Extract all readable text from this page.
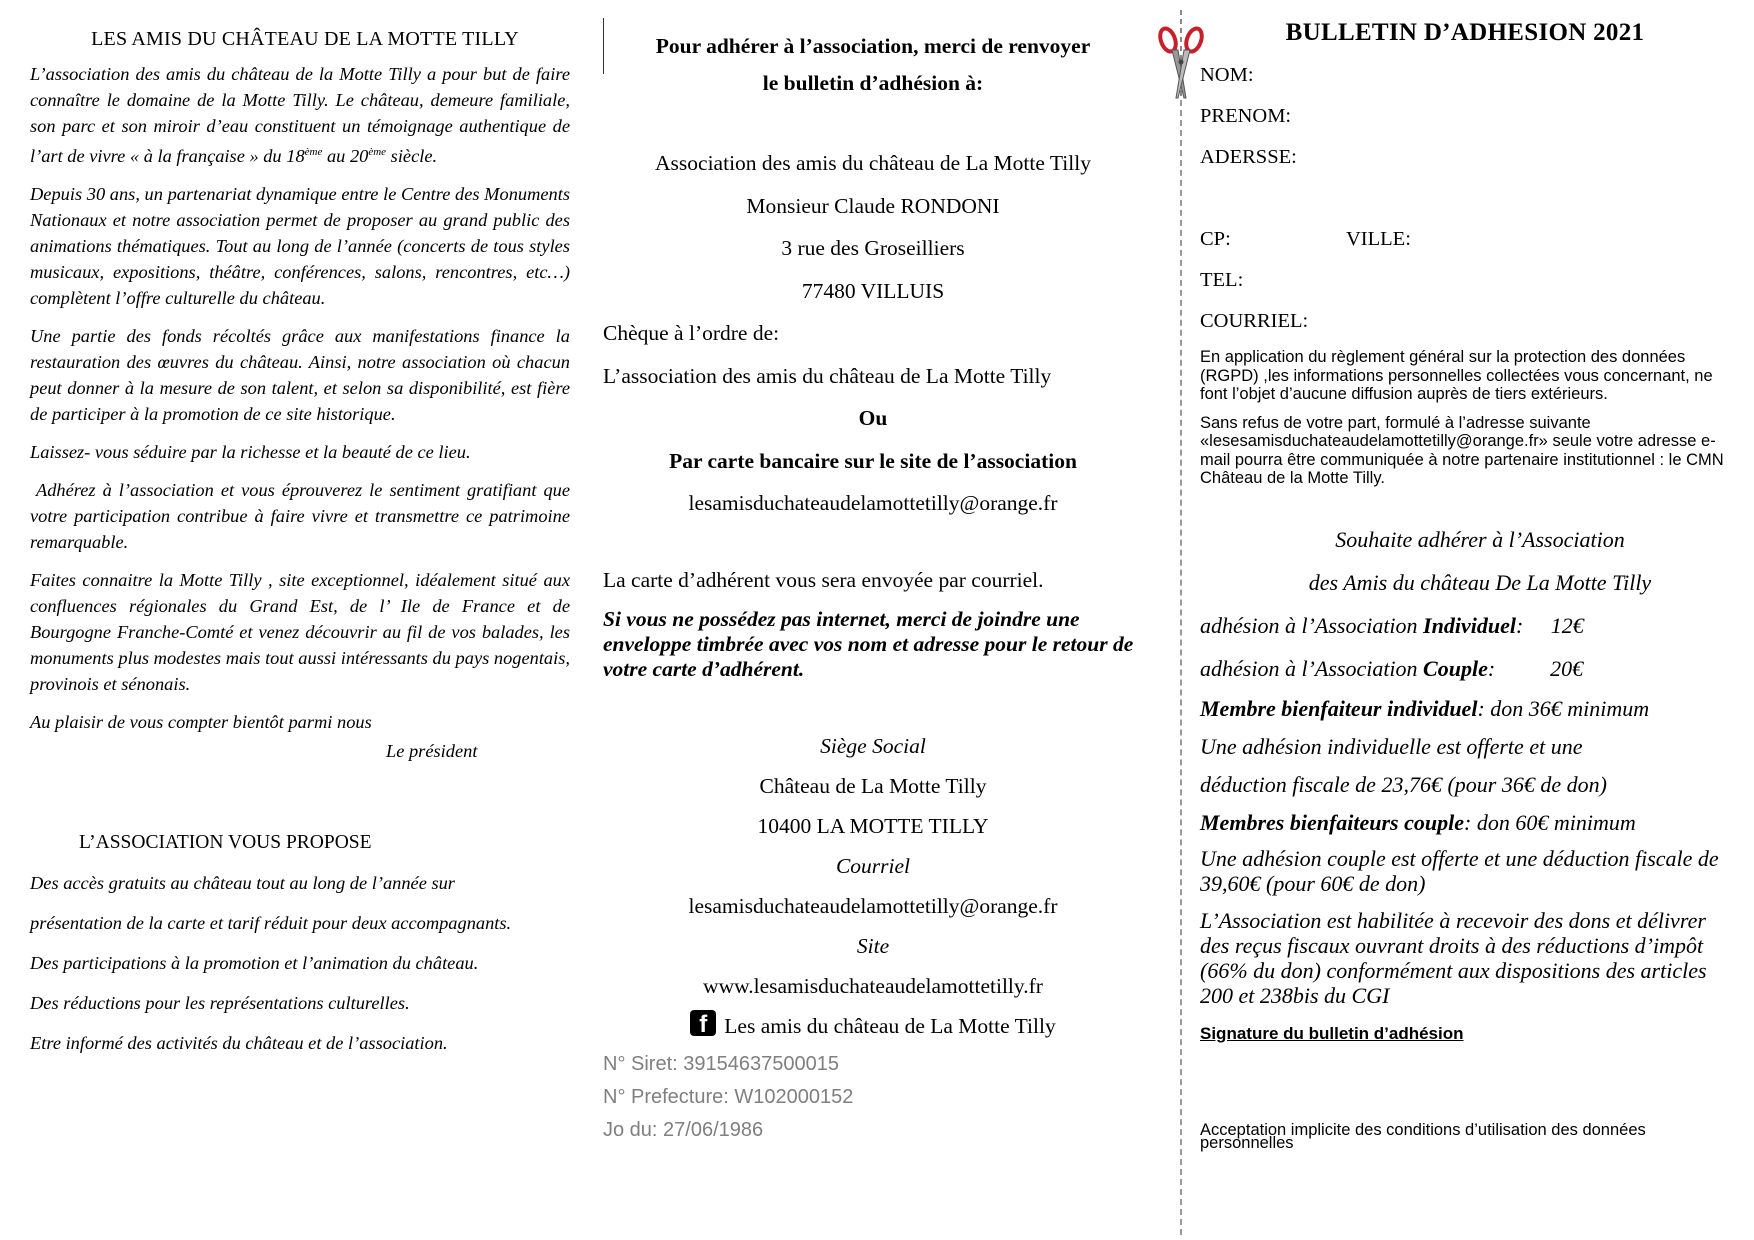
LES AMIS DU CHÂTEAU DE LA MOTTE TILLY

L’association des amis du château de la Motte Tilly a pour but de faire connaître le domaine de la Motte Tilly. Le château, demeure familiale, son parc et son miroir d’eau constituent un témoignage authentique de l’art de vivre « à la française » du 18ème au 20ème siècle.

Depuis 30 ans, un partenariat dynamique entre le Centre des Monuments Nationaux et notre association permet de proposer au grand public des animations thématiques. Tout au long de l’année (concerts de tous styles musicaux, expositions, théâtre, conférences, salons, rencontres, etc…) complètent l’offre culturelle du château.

Une partie des fonds récoltés grâce aux manifestations finance la restauration des œuvres du château. Ainsi, notre association où chacun peut donner à la mesure de son talent, et selon sa disponibilité, est fière de participer à la promotion de ce site historique.

Laissez- vous séduire par la richesse et la beauté de ce lieu.

Adhérez à l’association et vous éprouverez le sentiment gratifiant que votre participation contribue à faire vivre et transmettre ce patrimoine remarquable.

Faites connaitre la Motte Tilly , site exceptionnel, idéalement situé aux confluences régionales du Grand Est, de l’ Ile de France et de Bourgogne Franche-Comté et venez découvrir au fil de vos balades, les monuments plus modestes mais tout aussi intéressants du pays nogentais, provinois et sénonais.

Au plaisir de vous compter bientôt parmi nous

Le président
L’ASSOCIATION VOUS PROPOSE

Des accès gratuits au château tout au long de l’année sur

présentation de la carte et tarif réduit pour deux accompagnants.

Des participations à la promotion et l’animation du château.

Des réductions pour les représentations culturelles.

Etre informé des activités du château et de l’association.

Pour adhérer à l’association, merci de renvoyer

le bulletin d’adhésion à:

Association des amis du château de La Motte Tilly

Monsieur Claude RONDONI

3 rue des Groseilliers

77480 VILLUIS

Chèque à l’ordre de:

L’association des amis du château de La Motte Tilly

Ou

Par carte bancaire sur le site de l’association

lesamisduchateaudelamottetilly@orange.fr

La carte d’adhérent vous sera envoyée par courriel.

Si vous ne possédez pas internet, merci de joindre une enveloppe timbrée avec vos nom et adresse pour le retour de votre carte d’adhérent.

Siège Social

Château de La Motte Tilly

10400 LA MOTTE TILLY

Courriel

lesamisduchateaudelamottetilly@orange.fr

Site

www.lesamisduchateaudelamottetilly.fr

f Les amis du château de La Motte Tilly

N° Siret: 39154637500015

N° Prefecture: W102000152

Jo du: 27/06/1986

BULLETIN D’ADHESION 2021

NOM:

PRENOM:

ADERSSE:

CP:	VILLE:

TEL:

COURRIEL:

En application du règlement général sur la protection des données (RGPD) ,les informations personnelles collectées vous concernant, ne font l’objet d’aucune diffusion auprès de tiers extérieurs.

Sans refus de votre part, formulé à l’adresse suivante «lesesamisduchateaudelamottetilly@orange.fr» seule votre adresse e-mail pourra être communiquée à notre partenaire institutionnel : le CMN Château de la Motte Tilly.

Souhaite adhérer à l’Association

des Amis du château De La Motte Tilly

adhésion à l’Association Individuel:     12€

adhésion à l’Association Couple:          20€

Membre bienfaiteur individuel: don 36€ minimum

Une adhésion individuelle est offerte et une

déduction fiscale de 23,76€ (pour 36€ de don)

Membres bienfaiteurs couple: don 60€ minimum

Une adhésion couple est offerte et une déduction fiscale de 39,60€ (pour 60€ de don)

L’Association est habilitée à recevoir des dons et délivrer des reçus fiscaux ouvrant droits à des réductions d’impôt (66% du don) conformément aux dispositions des articles 200 et 238bis du CGI

Signature du bulletin d’adhésion

Acceptation implicite des conditions d’utilisation des données personnelles
